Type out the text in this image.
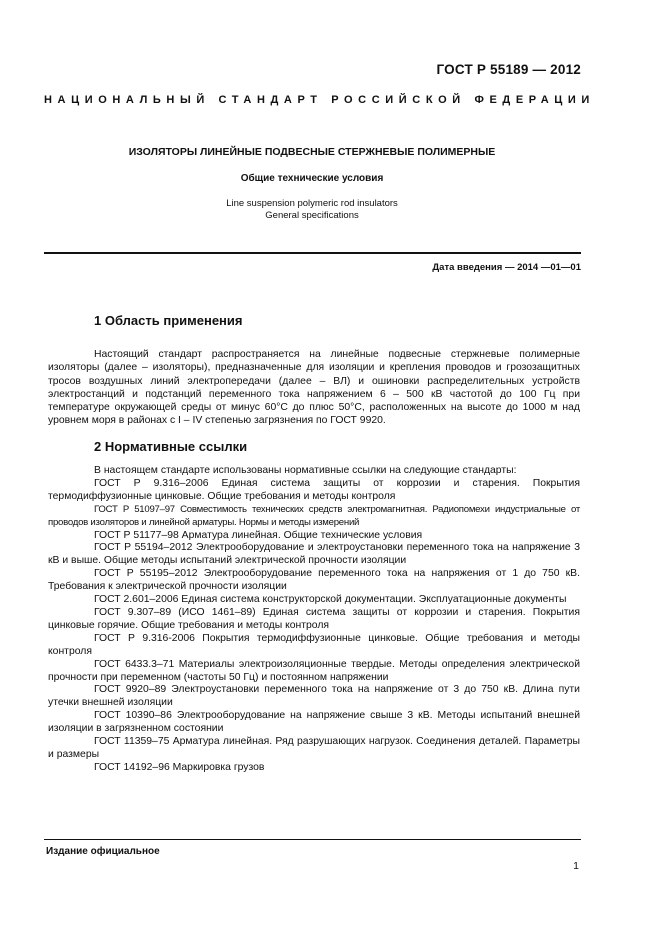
ГОСТ Р 55189 — 2012
НАЦИОНАЛЬНЫЙ СТАНДАРТ РОССИЙСКОЙ ФЕДЕРАЦИИ
ИЗОЛЯТОРЫ ЛИНЕЙНЫЕ ПОДВЕСНЫЕ СТЕРЖНЕВЫЕ ПОЛИМЕРНЫЕ
Общие технические условия
Line suspension polymeric rod insulators
General specifications
Дата введения — 2014 —01—01
1 Область применения
Настоящий стандарт распространяется на линейные подвесные стержневые полимерные изоляторы (далее – изоляторы), предназначенные для изоляции и крепления проводов и грозозащитных тросов воздушных линий электропередачи (далее – ВЛ) и ошиновки распределительных устройств электростанций и подстанций переменного тока напряжением 6 – 500 кВ частотой до 100 Гц при температуре окружающей среды от минус 60°С до плюс 50°С, расположенных на высоте до 1000 м над уровнем моря в районах с I – IV степенью загрязнения по ГОСТ 9920.
2 Нормативные ссылки

В настоящем стандарте использованы нормативные ссылки на следующие стандарты:

ГОСТ Р 9.316–2006 Единая система защиты от коррозии и старения. Покрытия термодиффузионные цинковые. Общие требования и методы контроля

ГОСТ Р 51097–97 Совместимость технических средств электромагнитная. Радиопомехи индустриальные от проводов изоляторов и линейной арматуры. Нормы и методы измерений

ГОСТ Р 51177–98 Арматура линейная. Общие технические условия

ГОСТ Р 55194–2012 Электрооборудование и электроустановки переменного тока на напряжение 3 кВ и выше. Общие методы испытаний электрической прочности изоляции

ГОСТ Р 55195–2012 Электрооборудование переменного тока на напряжения от 1 до 750 кВ. Требования к электрической прочности изоляции

ГОСТ 2.601–2006 Единая система конструкторской документации. Эксплуатационные документы

ГОСТ 9.307–89 (ИСО 1461–89) Единая система защиты от коррозии и старения. Покрытия цинковые горячие. Общие требования и методы контроля

ГОСТ Р 9.316-2006 Покрытия термодиффузионные цинковые. Общие требования и методы контроля

ГОСТ 6433.3–71 Материалы электроизоляционные твердые. Методы определения электрической прочности при переменном (частоты 50 Гц) и постоянном напряжении

ГОСТ 9920–89 Электроустановки переменного тока на напряжение от 3 до 750 кВ. Длина пути утечки внешней изоляции

ГОСТ 10390–86 Электрооборудование на напряжение свыше 3 кВ. Методы испытаний внешней изоляции в загрязненном состоянии

ГОСТ 11359–75 Арматура линейная. Ряд разрушающих нагрузок. Соединения деталей. Параметры и размеры

ГОСТ 14192–96 Маркировка грузов

Издание официальное
1
